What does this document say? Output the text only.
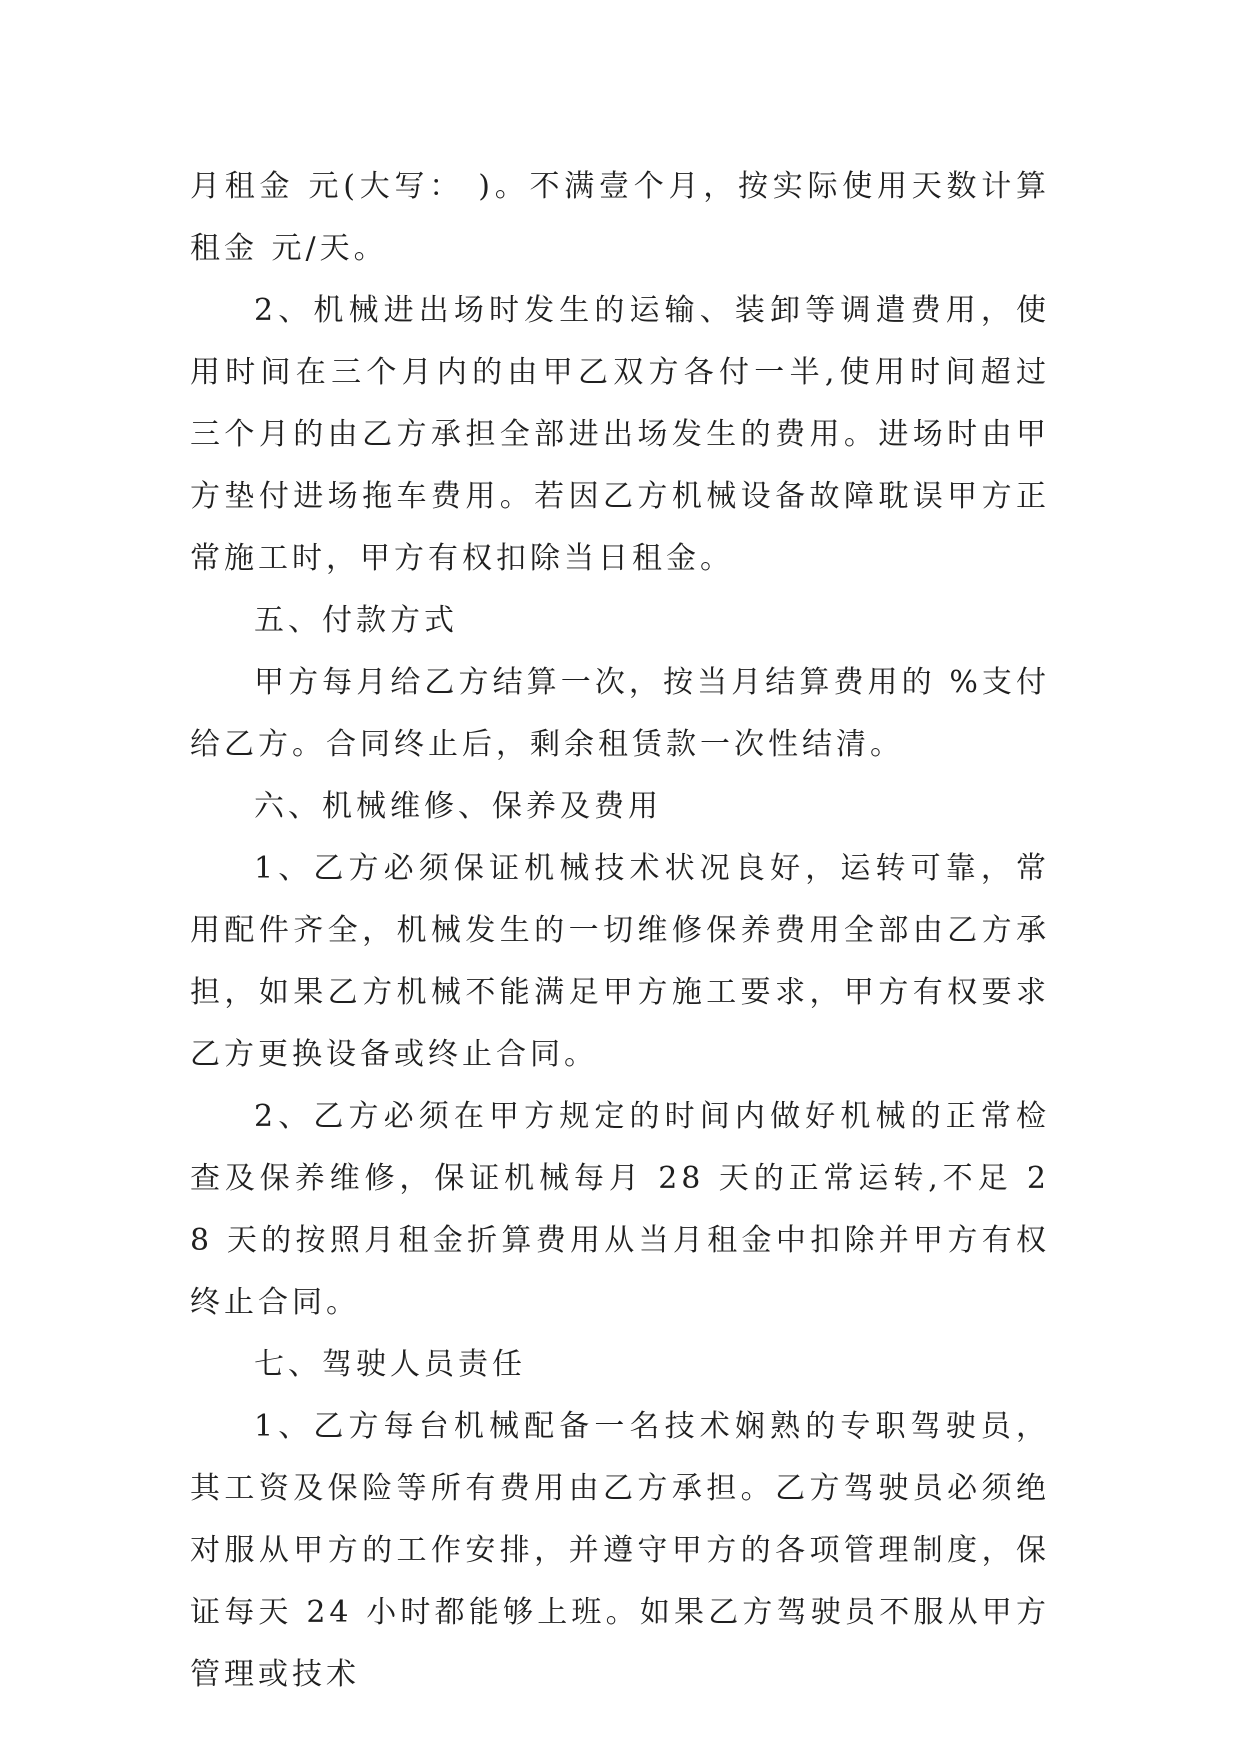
月租金 元(大写： )。不满壹个月，按实际使用天数计算租金 元/天。

2、机械进出场时发生的运输、装卸等调遣费用，使用时间在三个月内的由甲乙双方各付一半,使用时间超过三个月的由乙方承担全部进出场发生的费用。进场时由甲方垫付进场拖车费用。若因乙方机械设备故障耽误甲方正常施工时，甲方有权扣除当日租金。

五、付款方式

甲方每月给乙方结算一次，按当月结算费用的 %支付给乙方。合同终止后，剩余租赁款一次性结清。

六、机械维修、保养及费用

1、乙方必须保证机械技术状况良好，运转可靠，常用配件齐全，机械发生的一切维修保养费用全部由乙方承担，如果乙方机械不能满足甲方施工要求，甲方有权要求乙方更换设备或终止合同。

2、乙方必须在甲方规定的时间内做好机械的正常检查及保养维修，保证机械每月 28 天的正常运转,不足 28 天的按照月租金折算费用从当月租金中扣除并甲方有权终止合同。

七、驾驶人员责任

1、乙方每台机械配备一名技术娴熟的专职驾驶员，其工资及保险等所有费用由乙方承担。乙方驾驶员必须绝对服从甲方的工作安排，并遵守甲方的各项管理制度，保证每天 24 小时都能够上班。如果乙方驾驶员不服从甲方管理或技术
